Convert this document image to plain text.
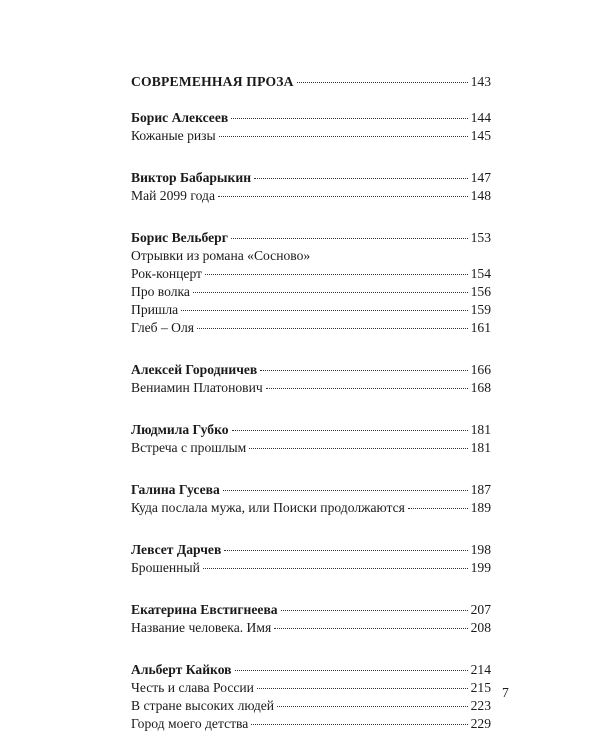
СОВРЕМЕННАЯ ПРОЗА	143
Борис Алексеев	144
Кожаные ризы	145
Виктор Бабарыкин	147
Май 2099 года	148
Борис Вельберг	153
Отрывки из романа «Сосново»
Рок-концерт	154
Про волка	156
Пришла	159
Глеб – Оля	161
Алексей Городничев	166
Вениамин Платонович	168
Людмила Губко	181
Встреча с прошлым	181
Галина Гусева	187
Куда послала мужа, или Поиски продолжаются	189
Левсет Дарчев	198
Брошенный	199
Екатерина Евстигнеева	207
Название человека. Имя	208
Альберт Кайков	214
Честь и слава России	215
В стране высоких людей	223
Город моего детства	229
7
